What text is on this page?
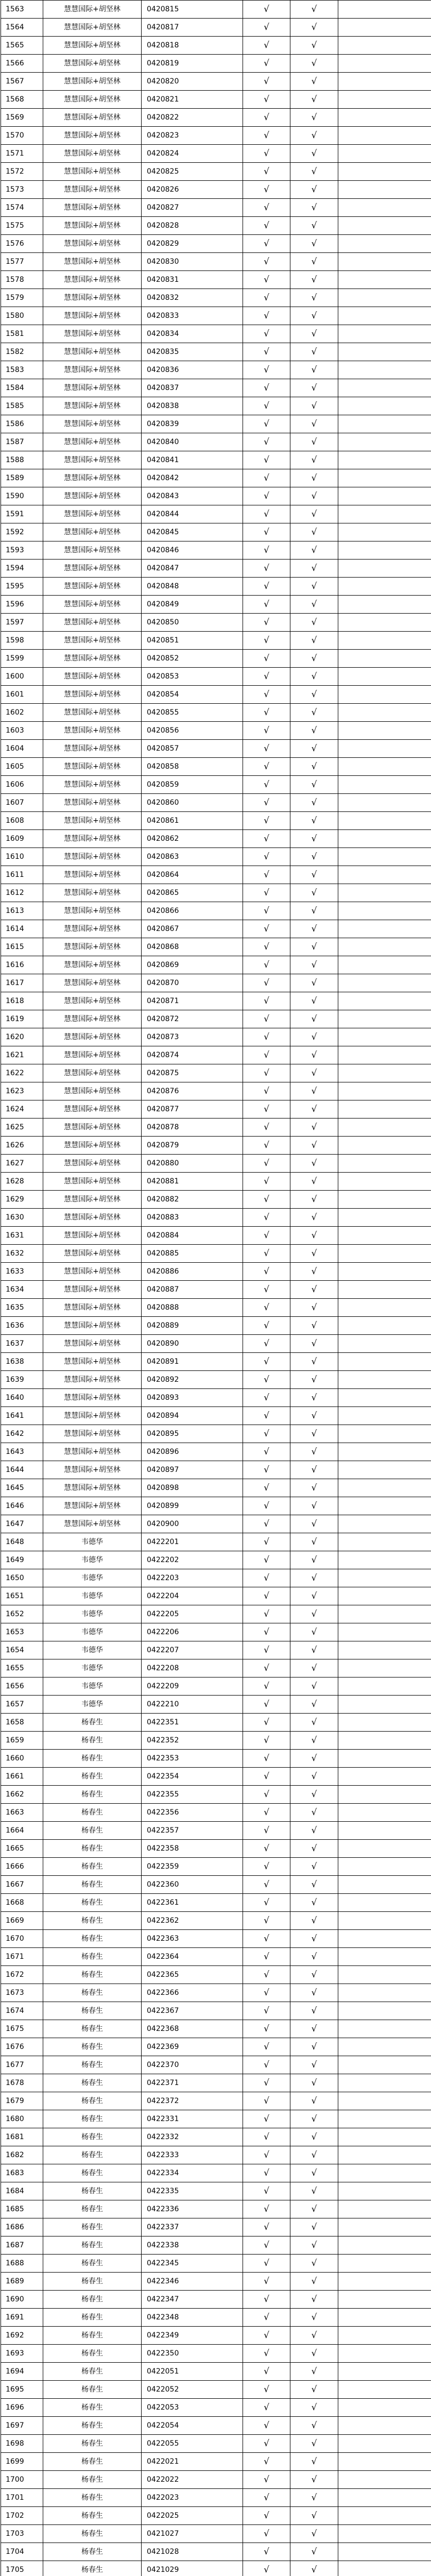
1563	慧慧国际+胡坚林	0420815	√	√	
1564	慧慧国际+胡坚林	0420817	√	√	
1565	慧慧国际+胡坚林	0420818	√	√	
1566	慧慧国际+胡坚林	0420819	√	√	
1567	慧慧国际+胡坚林	0420820	√	√	
1568	慧慧国际+胡坚林	0420821	√	√	
1569	慧慧国际+胡坚林	0420822	√	√	
1570	慧慧国际+胡坚林	0420823	√	√	
1571	慧慧国际+胡坚林	0420824	√	√	
1572	慧慧国际+胡坚林	0420825	√	√	
1573	慧慧国际+胡坚林	0420826	√	√	
1574	慧慧国际+胡坚林	0420827	√	√	
1575	慧慧国际+胡坚林	0420828	√	√	
1576	慧慧国际+胡坚林	0420829	√	√	
1577	慧慧国际+胡坚林	0420830	√	√	
1578	慧慧国际+胡坚林	0420831	√	√	
1579	慧慧国际+胡坚林	0420832	√	√	
1580	慧慧国际+胡坚林	0420833	√	√	
1581	慧慧国际+胡坚林	0420834	√	√	
1582	慧慧国际+胡坚林	0420835	√	√	
1583	慧慧国际+胡坚林	0420836	√	√	
1584	慧慧国际+胡坚林	0420837	√	√	
1585	慧慧国际+胡坚林	0420838	√	√	
1586	慧慧国际+胡坚林	0420839	√	√	
1587	慧慧国际+胡坚林	0420840	√	√	
1588	慧慧国际+胡坚林	0420841	√	√	
1589	慧慧国际+胡坚林	0420842	√	√	
1590	慧慧国际+胡坚林	0420843	√	√	
1591	慧慧国际+胡坚林	0420844	√	√	
1592	慧慧国际+胡坚林	0420845	√	√	
1593	慧慧国际+胡坚林	0420846	√	√	
1594	慧慧国际+胡坚林	0420847	√	√	
1595	慧慧国际+胡坚林	0420848	√	√	
1596	慧慧国际+胡坚林	0420849	√	√	
1597	慧慧国际+胡坚林	0420850	√	√	
1598	慧慧国际+胡坚林	0420851	√	√	
1599	慧慧国际+胡坚林	0420852	√	√	
1600	慧慧国际+胡坚林	0420853	√	√	
1601	慧慧国际+胡坚林	0420854	√	√	
1602	慧慧国际+胡坚林	0420855	√	√	
1603	慧慧国际+胡坚林	0420856	√	√	
1604	慧慧国际+胡坚林	0420857	√	√	
1605	慧慧国际+胡坚林	0420858	√	√	
1606	慧慧国际+胡坚林	0420859	√	√	
1607	慧慧国际+胡坚林	0420860	√	√	
1608	慧慧国际+胡坚林	0420861	√	√	
1609	慧慧国际+胡坚林	0420862	√	√	
1610	慧慧国际+胡坚林	0420863	√	√	
1611	慧慧国际+胡坚林	0420864	√	√	
1612	慧慧国际+胡坚林	0420865	√	√	
1613	慧慧国际+胡坚林	0420866	√	√	
1614	慧慧国际+胡坚林	0420867	√	√	
1615	慧慧国际+胡坚林	0420868	√	√	
1616	慧慧国际+胡坚林	0420869	√	√	
1617	慧慧国际+胡坚林	0420870	√	√	
1618	慧慧国际+胡坚林	0420871	√	√	
1619	慧慧国际+胡坚林	0420872	√	√	
1620	慧慧国际+胡坚林	0420873	√	√	
1621	慧慧国际+胡坚林	0420874	√	√	
1622	慧慧国际+胡坚林	0420875	√	√	
1623	慧慧国际+胡坚林	0420876	√	√	
1624	慧慧国际+胡坚林	0420877	√	√	
1625	慧慧国际+胡坚林	0420878	√	√	
1626	慧慧国际+胡坚林	0420879	√	√	
1627	慧慧国际+胡坚林	0420880	√	√	
1628	慧慧国际+胡坚林	0420881	√	√	
1629	慧慧国际+胡坚林	0420882	√	√	
1630	慧慧国际+胡坚林	0420883	√	√	
1631	慧慧国际+胡坚林	0420884	√	√	
1632	慧慧国际+胡坚林	0420885	√	√	
1633	慧慧国际+胡坚林	0420886	√	√	
1634	慧慧国际+胡坚林	0420887	√	√	
1635	慧慧国际+胡坚林	0420888	√	√	
1636	慧慧国际+胡坚林	0420889	√	√	
1637	慧慧国际+胡坚林	0420890	√	√	
1638	慧慧国际+胡坚林	0420891	√	√	
1639	慧慧国际+胡坚林	0420892	√	√	
1640	慧慧国际+胡坚林	0420893	√	√	
1641	慧慧国际+胡坚林	0420894	√	√	
1642	慧慧国际+胡坚林	0420895	√	√	
1643	慧慧国际+胡坚林	0420896	√	√	
1644	慧慧国际+胡坚林	0420897	√	√	
1645	慧慧国际+胡坚林	0420898	√	√	
1646	慧慧国际+胡坚林	0420899	√	√	
1647	慧慧国际+胡坚林	0420900	√	√	
1648	韦德华	0422201	√	√	
1649	韦德华	0422202	√	√	
1650	韦德华	0422203	√	√	
1651	韦德华	0422204	√	√	
1652	韦德华	0422205	√	√	
1653	韦德华	0422206	√	√	
1654	韦德华	0422207	√	√	
1655	韦德华	0422208	√	√	
1656	韦德华	0422209	√	√	
1657	韦德华	0422210	√	√	
1658	杨春生	0422351	√	√	
1659	杨春生	0422352	√	√	
1660	杨春生	0422353	√	√	
1661	杨春生	0422354	√	√	
1662	杨春生	0422355	√	√	
1663	杨春生	0422356	√	√	
1664	杨春生	0422357	√	√	
1665	杨春生	0422358	√	√	
1666	杨春生	0422359	√	√	
1667	杨春生	0422360	√	√	
1668	杨春生	0422361	√	√	
1669	杨春生	0422362	√	√	
1670	杨春生	0422363	√	√	
1671	杨春生	0422364	√	√	
1672	杨春生	0422365	√	√	
1673	杨春生	0422366	√	√	
1674	杨春生	0422367	√	√	
1675	杨春生	0422368	√	√	
1676	杨春生	0422369	√	√	
1677	杨春生	0422370	√	√	
1678	杨春生	0422371	√	√	
1679	杨春生	0422372	√	√	
1680	杨春生	0422331	√	√	
1681	杨春生	0422332	√	√	
1682	杨春生	0422333	√	√	
1683	杨春生	0422334	√	√	
1684	杨春生	0422335	√	√	
1685	杨春生	0422336	√	√	
1686	杨春生	0422337	√	√	
1687	杨春生	0422338	√	√	
1688	杨春生	0422345	√	√	
1689	杨春生	0422346	√	√	
1690	杨春生	0422347	√	√	
1691	杨春生	0422348	√	√	
1692	杨春生	0422349	√	√	
1693	杨春生	0422350	√	√	
1694	杨春生	0422051	√	√	
1695	杨春生	0422052	√	√	
1696	杨春生	0422053	√	√	
1697	杨春生	0422054	√	√	
1698	杨春生	0422055	√	√	
1699	杨春生	0422021	√	√	
1700	杨春生	0422022	√	√	
1701	杨春生	0422023	√	√	
1702	杨春生	0422025	√	√	
1703	杨春生	0421027	√	√	
1704	杨春生	0421028	√	√	
1705	杨春生	0421029	√	√	
